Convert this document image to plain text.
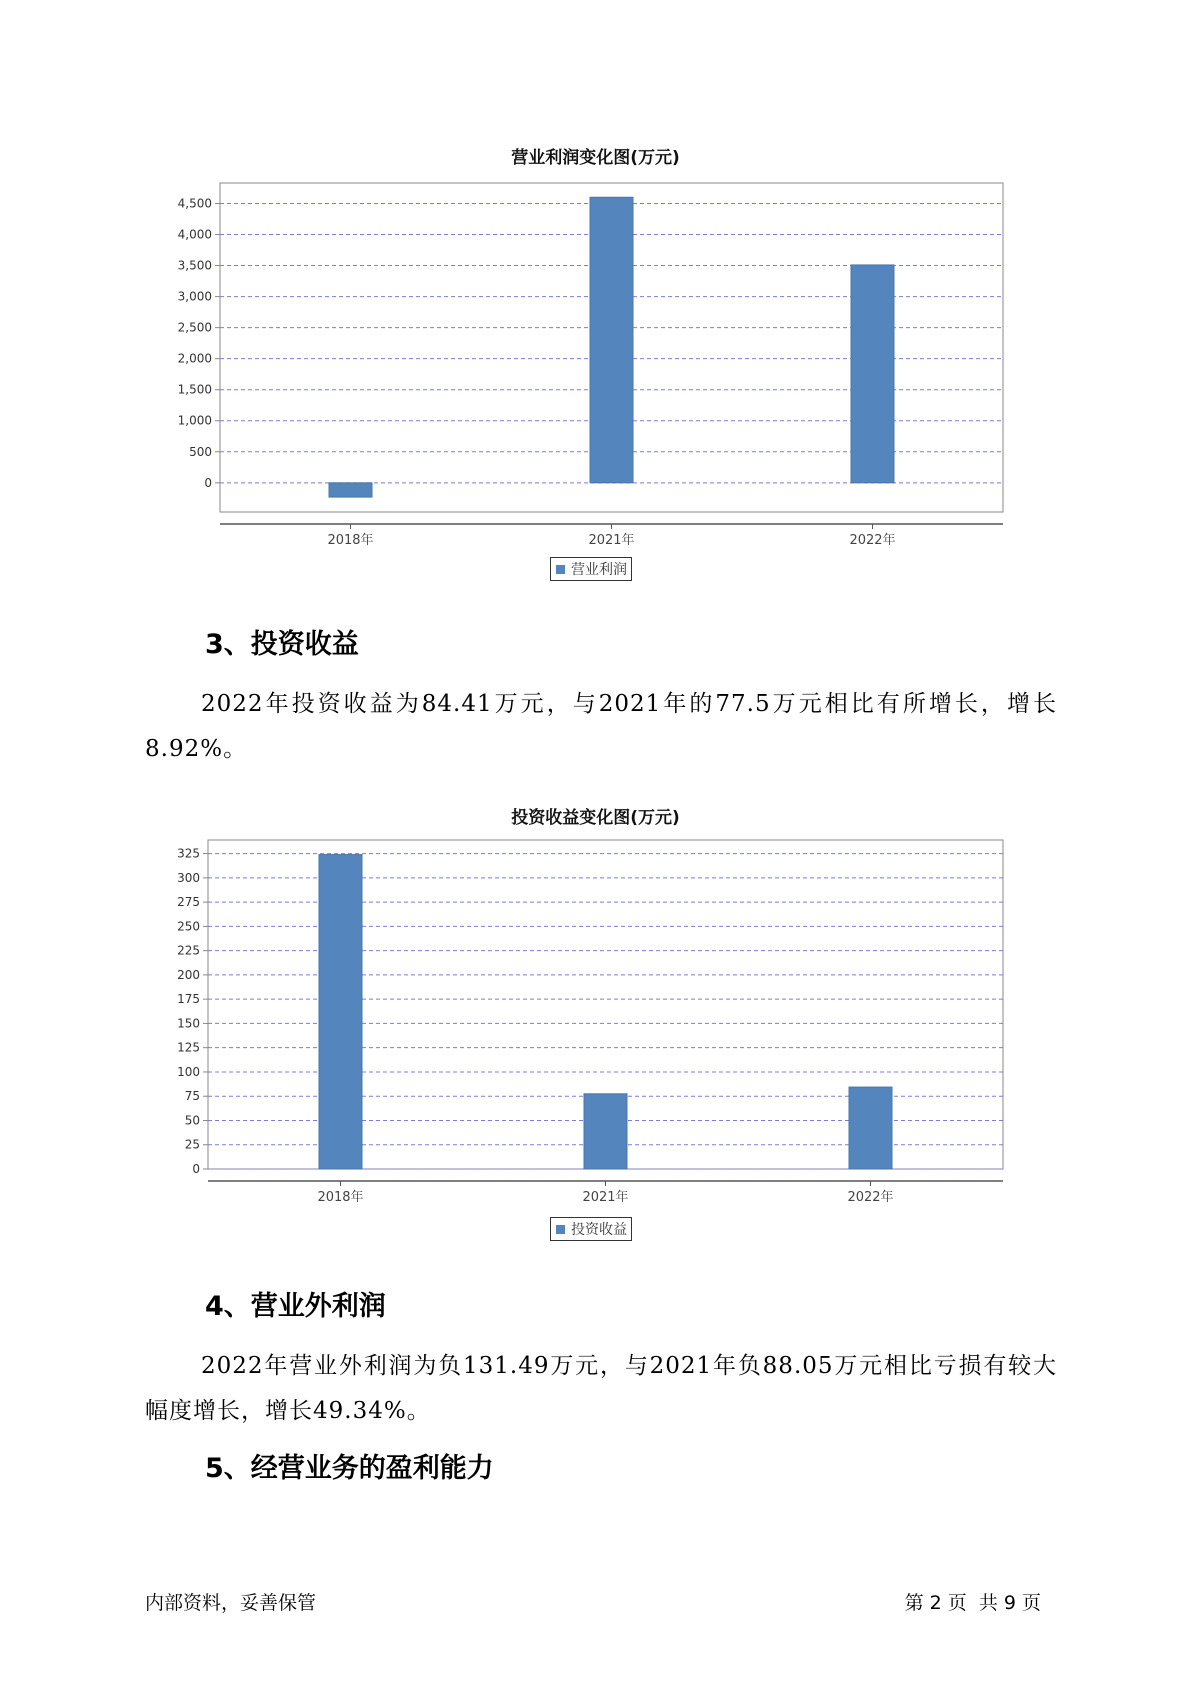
营业利润变化图(万元)
0
500
1,000
1,500
2,000
2,500
3,000
3,500
4,000
4,500
2018年	2021年	2022年
营业利润
3、投资收益

2022年投资收益为84.41万元，与2021年的77.5万元相比有所增长，增长8.92%。

投资收益变化图(万元)
0
25
50
75
100
125
150
175
200
225
250
275
300
325
2018年	2021年	2022年
投资收益
4、营业外利润

2022年营业外利润为负131.49万元，与2021年负88.05万元相比亏损有较大幅度增长，增长49.34%。

5、经营业务的盈利能力
内部资料，妥善保管	第 2 页  共 9 页
